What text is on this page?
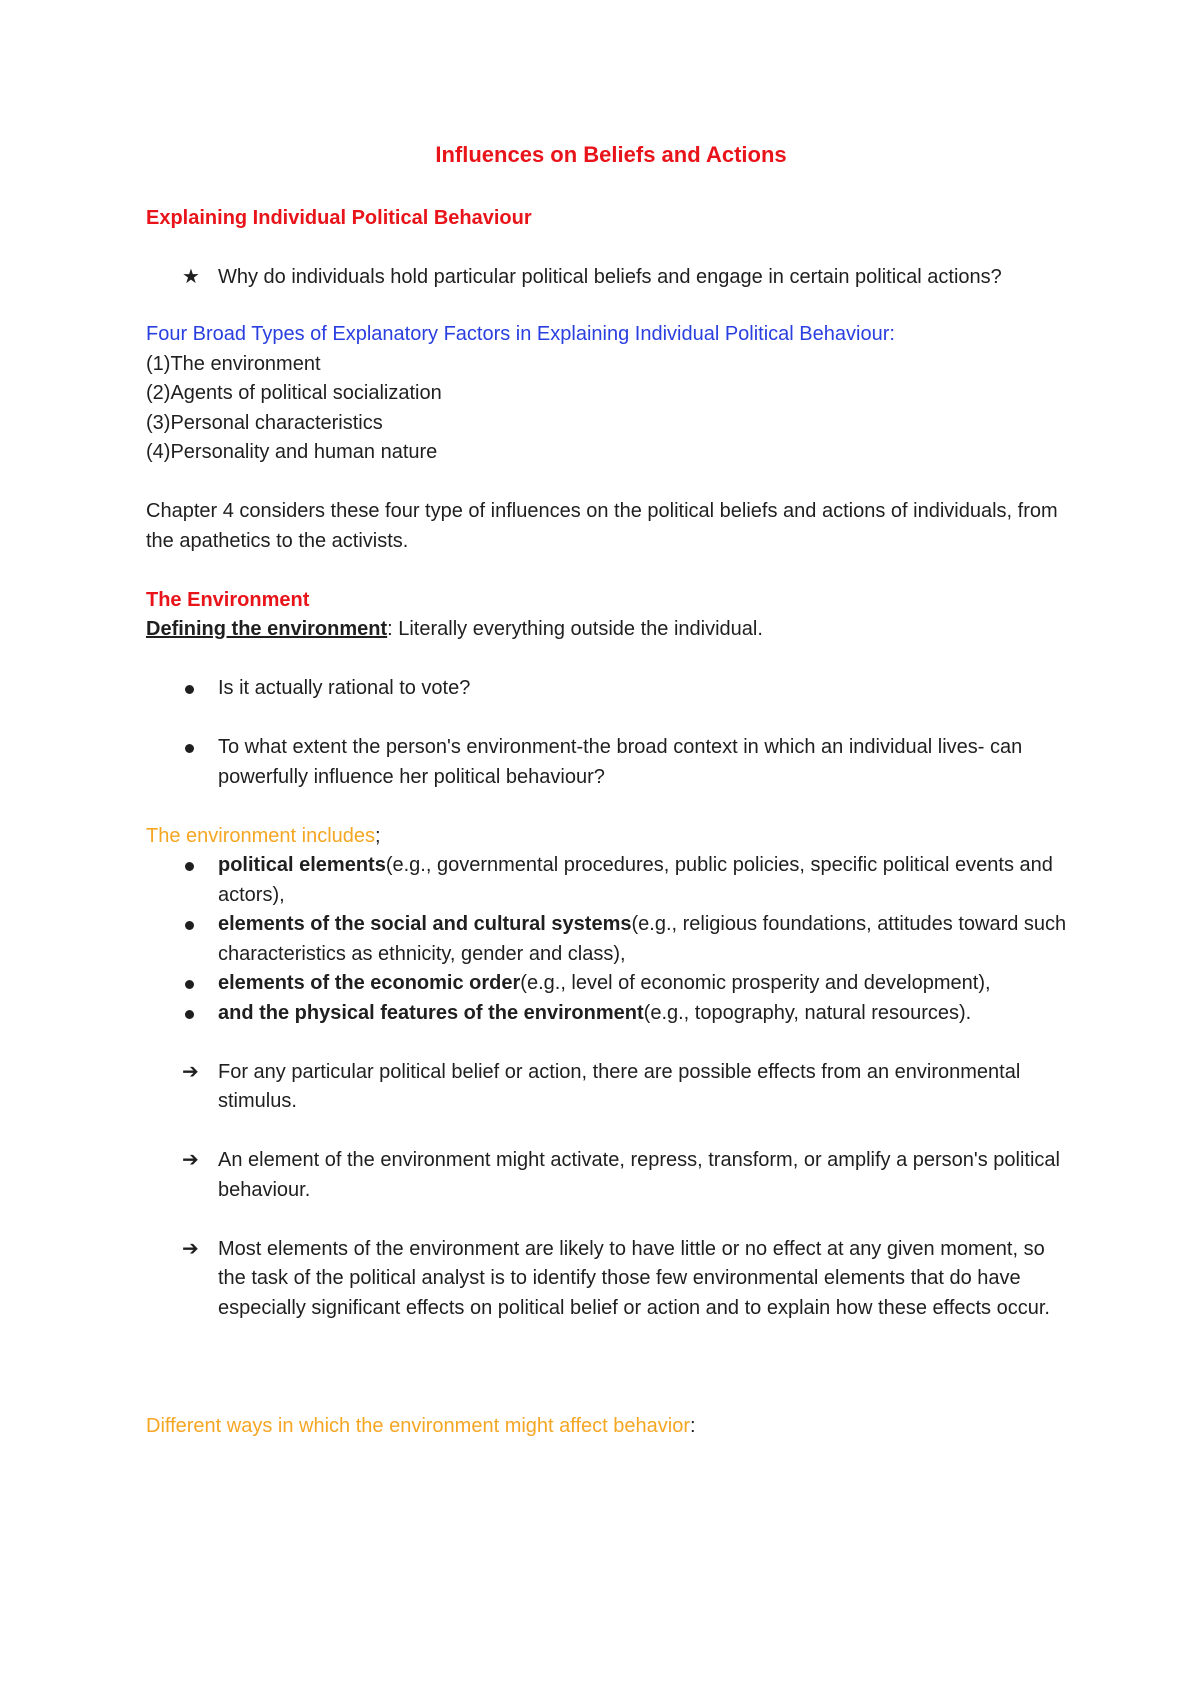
Influences on Beliefs and Actions

Explaining Individual Political Behaviour

★ Why do individuals hold particular political beliefs and engage in certain political actions?

Four Broad Types of Explanatory Factors in Explaining Individual Political Behaviour:

(1)The environment

(2)Agents of political socialization

(3)Personal characteristics

(4)Personality and human nature

Chapter 4 considers these four type of influences on the political beliefs and actions of individuals, from the apathetics to the activists.

The Environment

Defining the environment: Literally everything outside the individual.

Is it actually rational to vote?
To what extent the person's environment-the broad context in which an individual lives- can powerfully influence her political behaviour?

The environment includes;

political elements(e.g., governmental procedures, public policies, specific political events and actors),
elements of the social and cultural systems(e.g., religious foundations, attitudes toward such characteristics as ethnicity, gender and class),
elements of the economic order(e.g., level of economic prosperity and development),
and the physical features of the environment(e.g., topography, natural resources).
➔ For any particular political belief or action, there are possible effects from an environmental stimulus.
➔ An element of the environment might activate, repress, transform, or amplify a person's political behaviour.
➔ Most elements of the environment are likely to have little or no effect at any given moment, so the task of the political analyst is to identify those few environmental elements that do have especially significant effects on political belief or action and to explain how these effects occur.

Different ways in which the environment might affect behavior:
